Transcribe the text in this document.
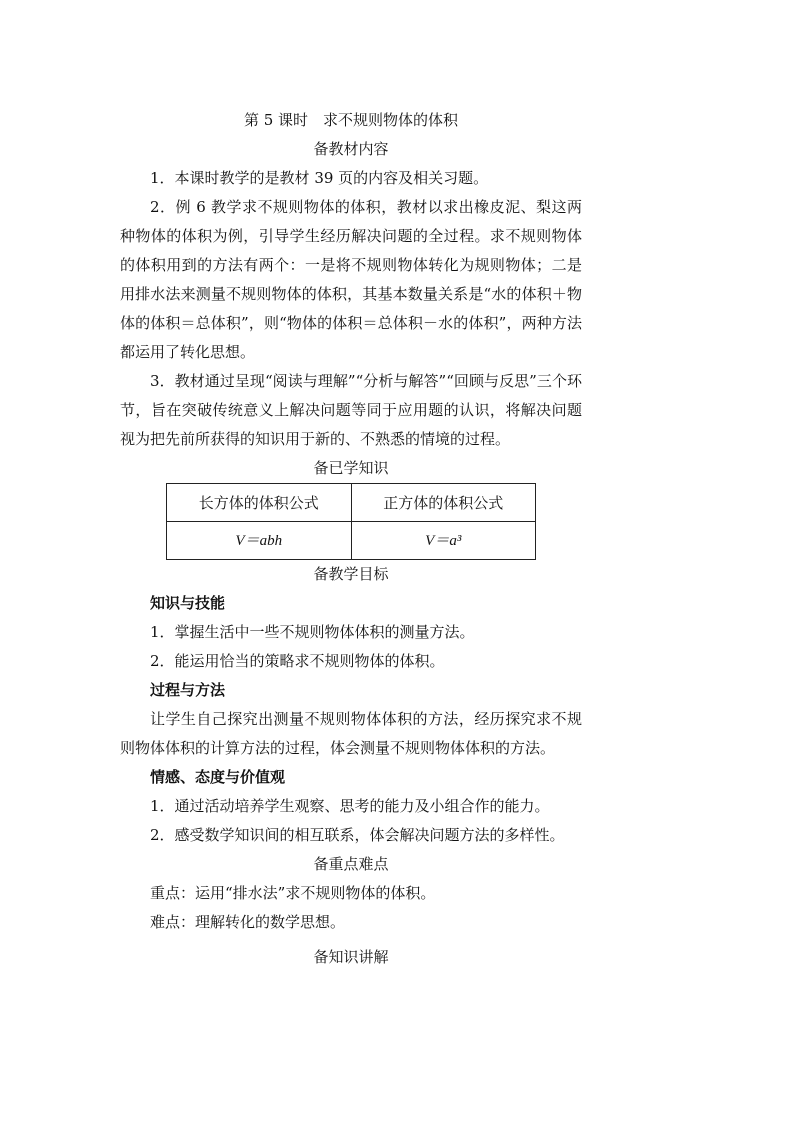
第 5 课时　求不规则物体的体积
备教材内容

1．本课时教学的是教材 39 页的内容及相关习题。

2．例 6 教学求不规则物体的体积，教材以求出橡皮泥、梨这两种物体的体积为例，引导学生经历解决问题的全过程。求不规则物体的体积用到的方法有两个：一是将不规则物体转化为规则物体；二是用排水法来测量不规则物体的体积，其基本数量关系是“水的体积＋物体的体积＝总体积”，则“物体的体积＝总体积－水的体积”，两种方法都运用了转化思想。

3．教材通过呈现“阅读与理解”“分析与解答”“回顾与反思”三个环节，旨在突破传统意义上解决问题等同于应用题的认识，将解决问题视为把先前所获得的知识用于新的、不熟悉的情境的过程。

备已学知识
长方体的体积公式	正方体的体积公式
V＝abh	V＝a³
备教学目标

知识与技能

1．掌握生活中一些不规则物体体积的测量方法。

2．能运用恰当的策略求不规则物体的体积。

过程与方法

让学生自己探究出测量不规则物体体积的方法，经历探究求不规则物体体积的计算方法的过程，体会测量不规则物体体积的方法。

情感、态度与价值观

1．通过活动培养学生观察、思考的能力及小组合作的能力。

2．感受数学知识间的相互联系，体会解决问题方法的多样性。

备重点难点

重点：运用“排水法”求不规则物体的体积。

难点：理解转化的数学思想。

备知识讲解
